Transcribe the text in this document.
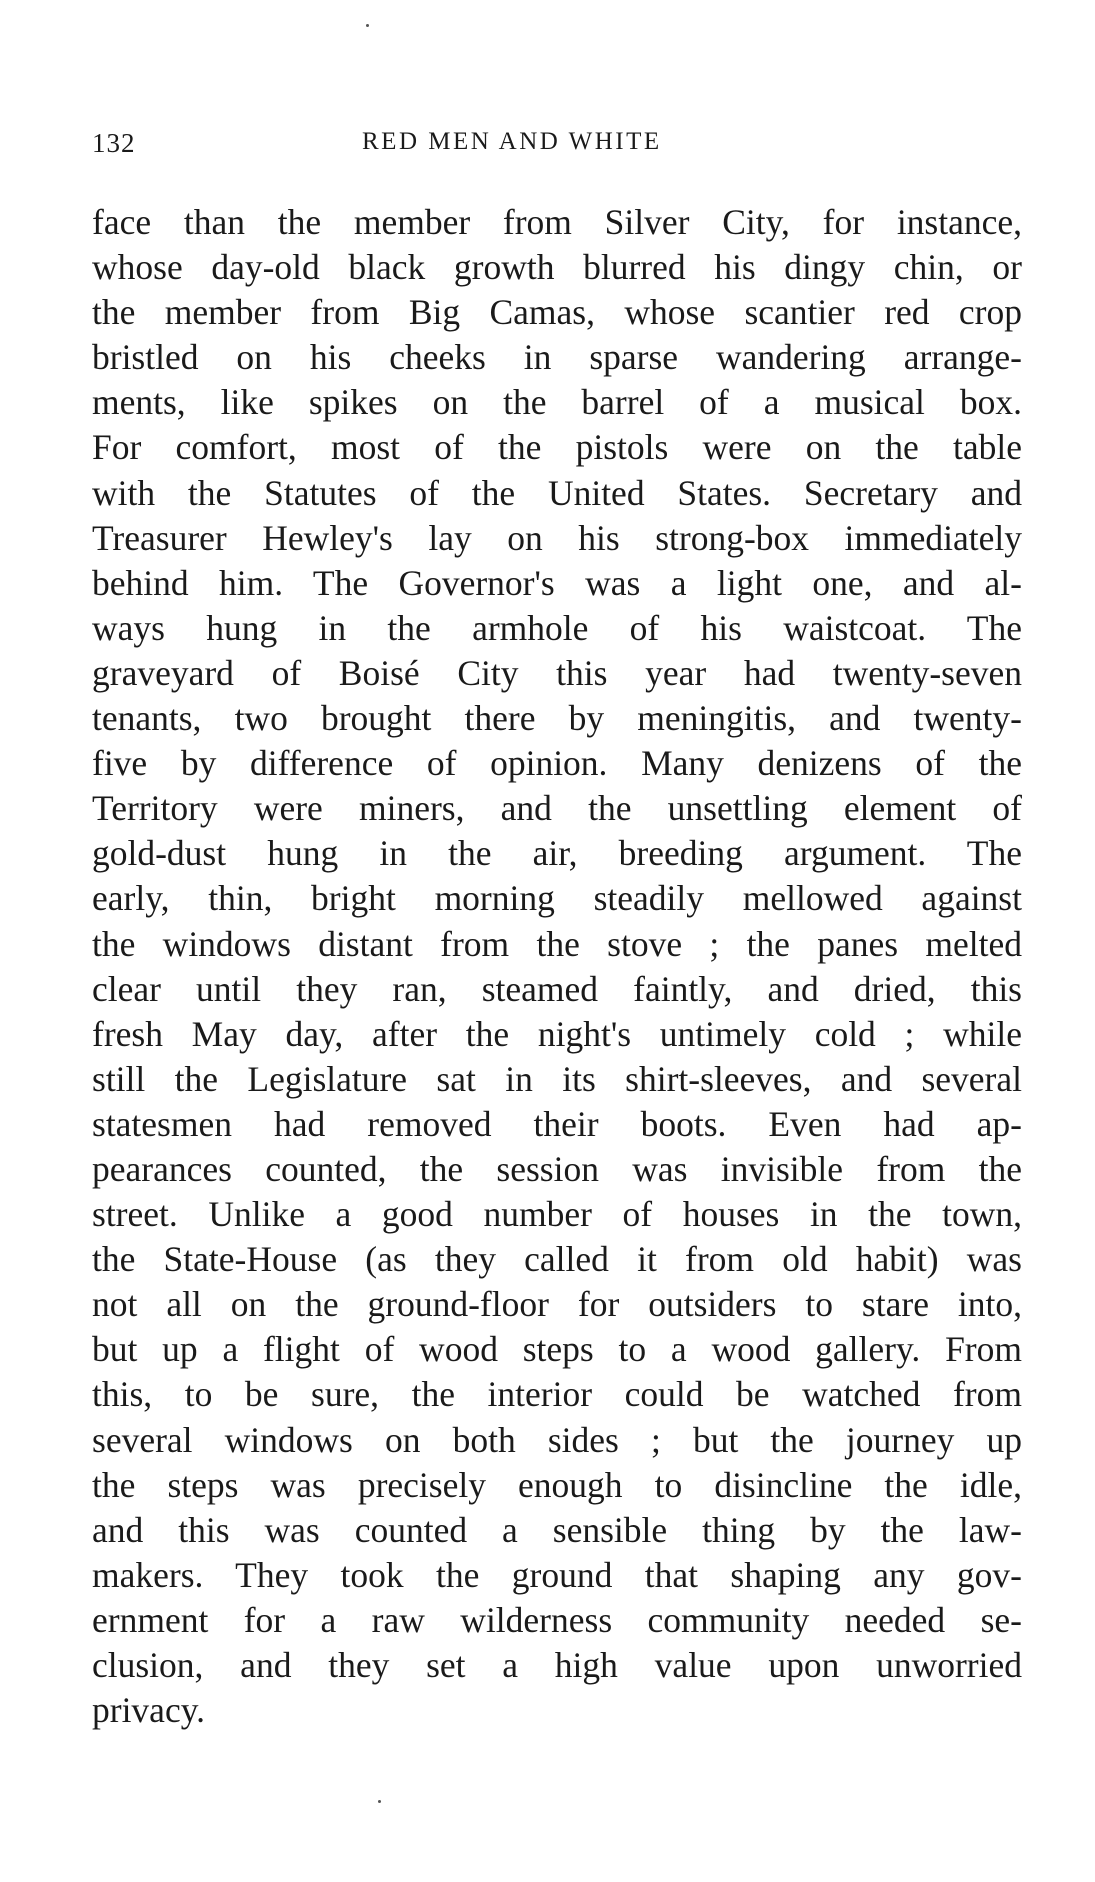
132	RED MEN AND WHITE
face than the member from Silver City, for instance,
whose day-old black growth blurred his dingy chin, or
the member from Big Camas, whose scantier red crop
bristled on his cheeks in sparse wandering arrange-
ments, like spikes on the barrel of a musical box.
For comfort, most of the pistols were on the table
with the Statutes of the United States. Secretary and
Treasurer Hewley's lay on his strong-box immediately
behind him. The Governor's was a light one, and al-
ways hung in the armhole of his waistcoat. The
graveyard of Boisé City this year had twenty-seven
tenants, two brought there by meningitis, and twenty-
five by difference of opinion. Many denizens of the
Territory were miners, and the unsettling element of
gold-dust hung in the air, breeding argument. The
early, thin, bright morning steadily mellowed against
the windows distant from the stove ; the panes melted
clear until they ran, steamed faintly, and dried, this
fresh May day, after the night's untimely cold ; while
still the Legislature sat in its shirt-sleeves, and several
statesmen had removed their boots. Even had ap-
pearances counted, the session was invisible from the
street. Unlike a good number of houses in the town,
the State-House (as they called it from old habit) was
not all on the ground-floor for outsiders to stare into,
but up a flight of wood steps to a wood gallery. From
this, to be sure, the interior could be watched from
several windows on both sides ; but the journey up
the steps was precisely enough to disincline the idle,
and this was counted a sensible thing by the law-
makers. They took the ground that shaping any gov-
ernment for a raw wilderness community needed se-
clusion, and they set a high value upon unworried
privacy.
